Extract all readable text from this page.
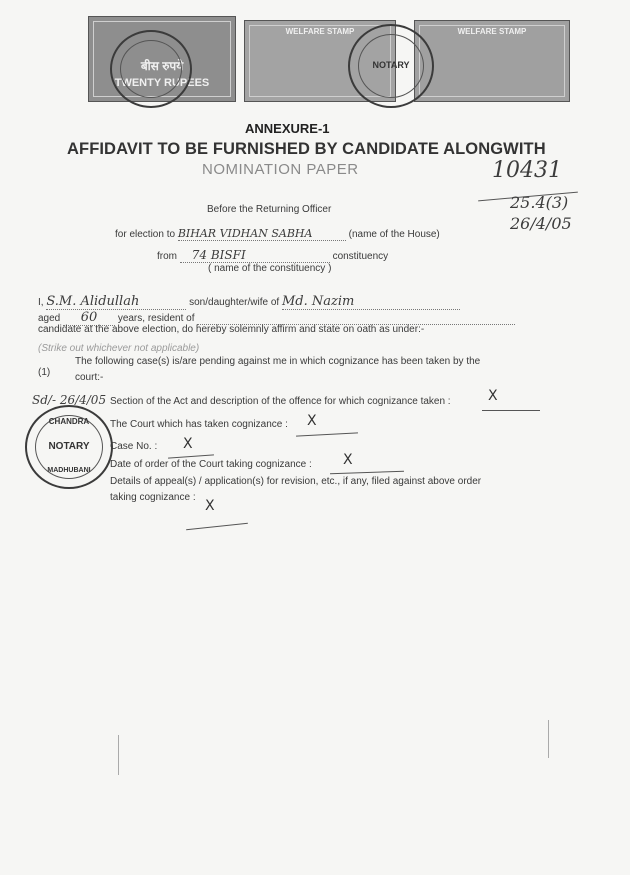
बीस रुपये
TWENTY RUPEES
WELFARE STAMP	WELFARE STAMP
NOTARY
ANNEXURE-1
AFFIDAVIT TO BE FURNISHED BY CANDIDATE ALONGWITH
NOMINATION PAPER	10431
25.4(3)
26/4/05
Before the Returning Officer
for election to BIHAR VIDHAN SABHA	(name of the House)
from 74 BISFI	constituency
( name of the constituency )
I, S.M. Alidullah	son/daughter/wife of Md. Nazim
aged 60 years, resident of
candidate at the above election, do hereby solemnly affirm and state on oath as under:-
(Strike out whichever not applicable)
(1)
The following case(s) is/are pending against me in which cognizance has been taken by the
court:-
Section of the Act and description of the offence for which cognizance taken :	X
The Court which has taken cognizance : X
Case No. : X
Date of order of the Court taking cognizance : X
Details of appeal(s) / application(s) for revision, etc., if any, filed against above order
taking cognizance :
X
Sd/- 26/4/05
CHANDRA
NOTARY
MADHUBANI
